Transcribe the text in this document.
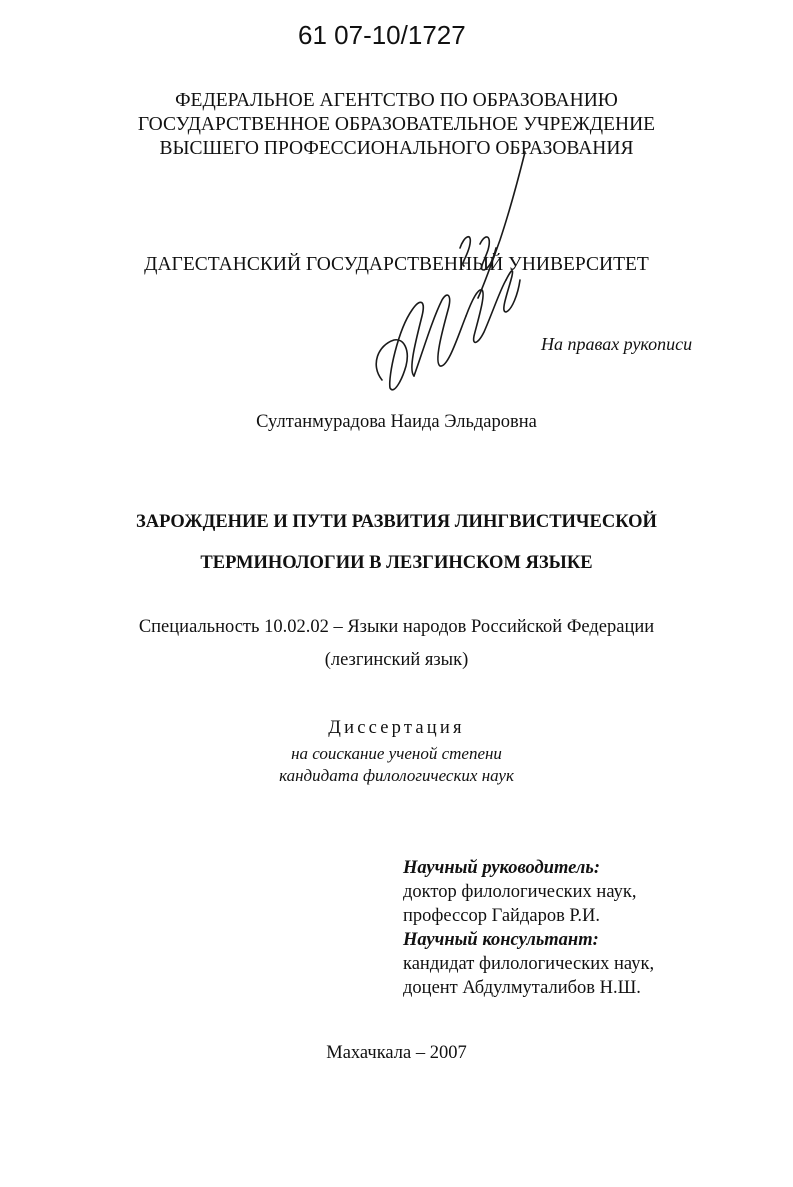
61 07-10/1727
ФЕДЕРАЛЬНОЕ АГЕНТСТВО ПО ОБРАЗОВАНИЮ
ГОСУДАРСТВЕННОЕ ОБРАЗОВАТЕЛЬНОЕ УЧРЕЖДЕНИЕ
ВЫСШЕГО ПРОФЕССИОНАЛЬНОГО ОБРАЗОВАНИЯ
ДАГЕСТАНСКИЙ ГОСУДАРСТВЕННЫЙ УНИВЕРСИТЕТ
На правах рукописи
Султанмурадова Наида Эльдаровна
ЗАРОЖДЕНИЕ И ПУТИ РАЗВИТИЯ ЛИНГВИСТИЧЕСКОЙ
ТЕРМИНОЛОГИИ В ЛЕЗГИНСКОМ ЯЗЫКЕ
Специальность 10.02.02 – Языки народов Российской Федерации
(лезгинский язык)
Диссертация
на соискание ученой степени
кандидата филологических наук
Научный руководитель:
доктор филологических наук,
профессор Гайдаров Р.И.
Научный консультант:
кандидат филологических наук,
доцент Абдулмуталибов Н.Ш.
Махачкала – 2007
